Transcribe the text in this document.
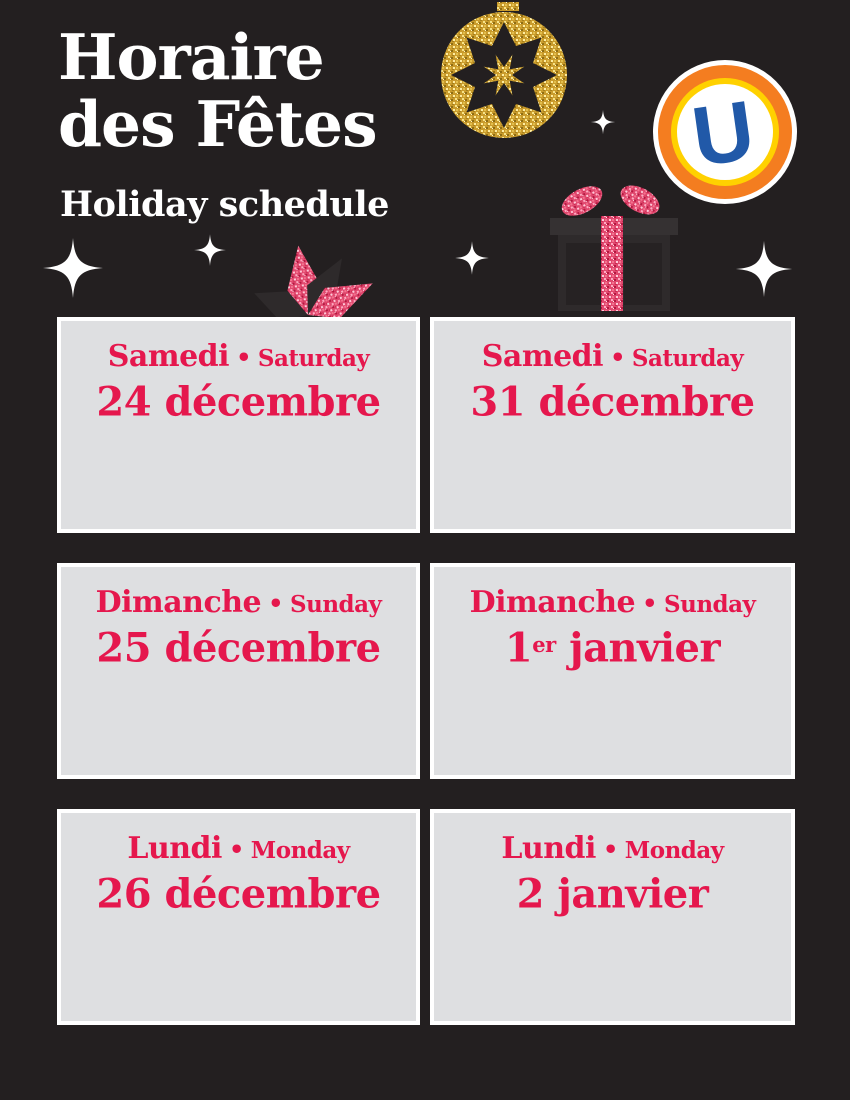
Horaire
des Fêtes
Holiday schedule
U
Samedi • Saturday
24 décembre
Samedi • Saturday
31 décembre
Dimanche • Sunday
25 décembre
Dimanche • Sunday
1er janvier
Lundi • Monday
26 décembre
Lundi • Monday
2 janvier
